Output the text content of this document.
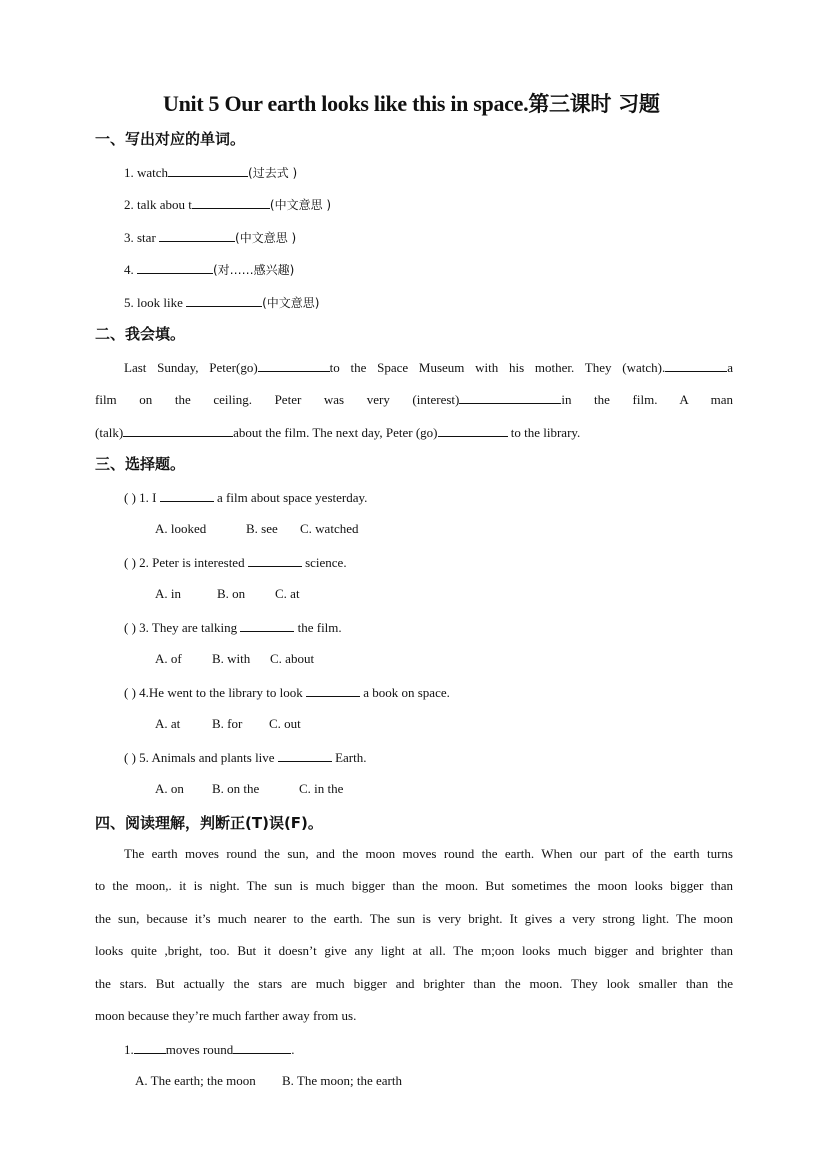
Unit 5 Our earth looks like this in space.第三课时 习题
一、写出对应的单词。
1. watch	(过去式 )
2. talk abou t	(中文意思 )
3. star	(中文意思 )
4.	(对……感兴趣)
5. look like	(中文意思)
二、我会填。
Last Sunday, Peter(go)	to the Space Museum with his mother. They (watch).	a
film on the ceiling. Peter was very (interest)	in the film. A man
(talk)	about the film. The next day, Peter (go)	to the library.
三、选择题。
( ) 1. I	a film about space yesterday.
A. looked	B. see C. watched
( ) 2. Peter is interested	science.
A. in	B. on C. at
( ) 3. They are talking	the film.
A. of B. with C. about
( ) 4.He went to the library to look	a book on space.
A. at B. for C. out
( ) 5. Animals and plants live	Earth.
A. on B. on the	C. in the
四、阅读理解，判断正(T)误(F)。
The earth moves round the sun, and the moon moves round the earth. When our part of the earth turns
to the moon,. it is night. The sun is much bigger than the moon. But sometimes the moon looks bigger than
the sun, because it’s much nearer to the earth. The sun is very bright. It gives a very strong light. The moon
looks quite ,bright, too. But it doesn’t give any light at all. The m;oon looks much bigger and brighter than
the stars. But actually the stars are much bigger and brighter than the moon. They look smaller than the
moon because they’re much farther away from us.
1. moves round	.
A. The earth; the moon B. The moon; the earth
